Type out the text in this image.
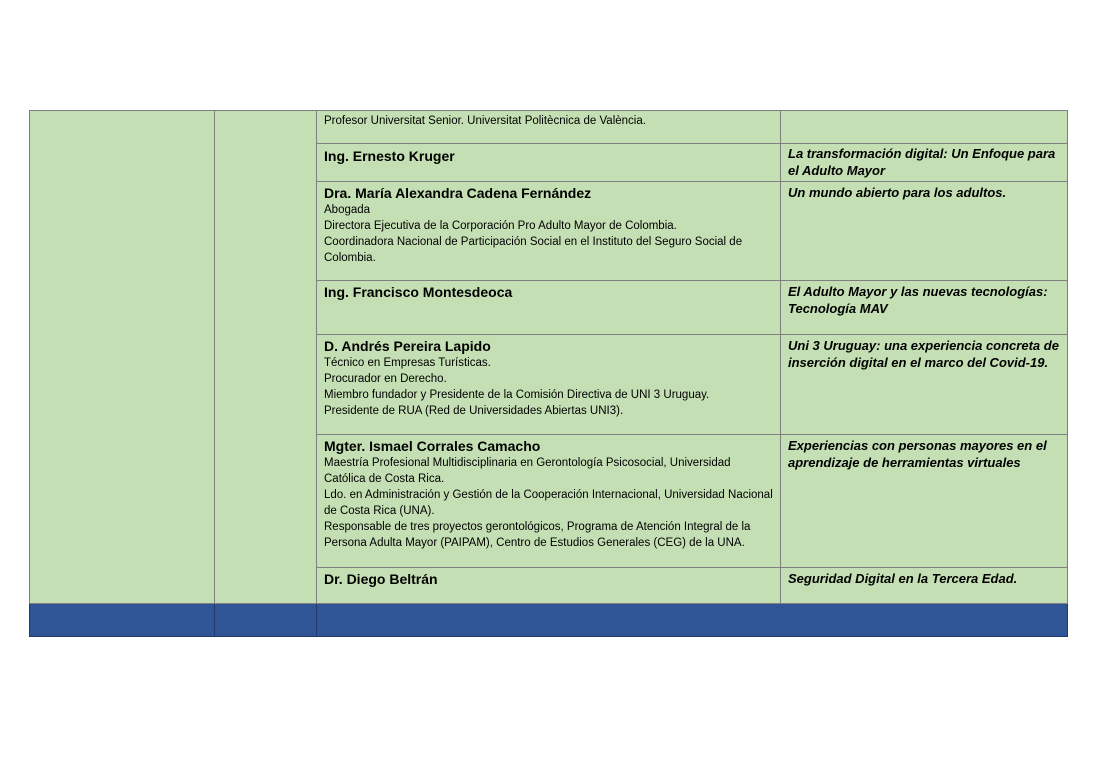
		Profesor Universitat Senior. Universitat Politècnica de València.	

		Ing. Ernesto Kruger	La transformación digital: Un Enfoque para el Adulto Mayor

		Dra. María Alexandra Cadena Fernández
Abogada
Directora Ejecutiva de la Corporación Pro Adulto Mayor de Colombia.
Coordinadora Nacional de Participación Social en el Instituto del Seguro Social de Colombia.	Un mundo abierto para los adultos.

		Ing. Francisco Montesdeoca	El Adulto Mayor y las nuevas tecnologías: Tecnología MAV

		D. Andrés Pereira Lapido
Técnico en Empresas Turísticas.
Procurador en Derecho.
Miembro fundador y Presidente de la Comisión Directiva de UNI 3 Uruguay.
Presidente de RUA (Red de Universidades Abiertas UNI3).	Uni 3 Uruguay: una experiencia concreta de inserción digital en el marco del Covid-19.

		Mgter. Ismael Corrales Camacho
Maestría Profesional Multidisciplinaria en Gerontología Psicosocial, Universidad Católica de Costa Rica.
Ldo. en Administración y Gestión de la Cooperación Internacional, Universidad Nacional de Costa Rica (UNA).
Responsable de tres proyectos gerontológicos, Programa de Atención Integral de la Persona Adulta Mayor (PAIPAM), Centro de Estudios Generales (CEG) de la UNA.	Experiencias con personas mayores en el aprendizaje de herramientas virtuales

		Dr. Diego Beltrán	Seguridad Digital en la Tercera Edad.
